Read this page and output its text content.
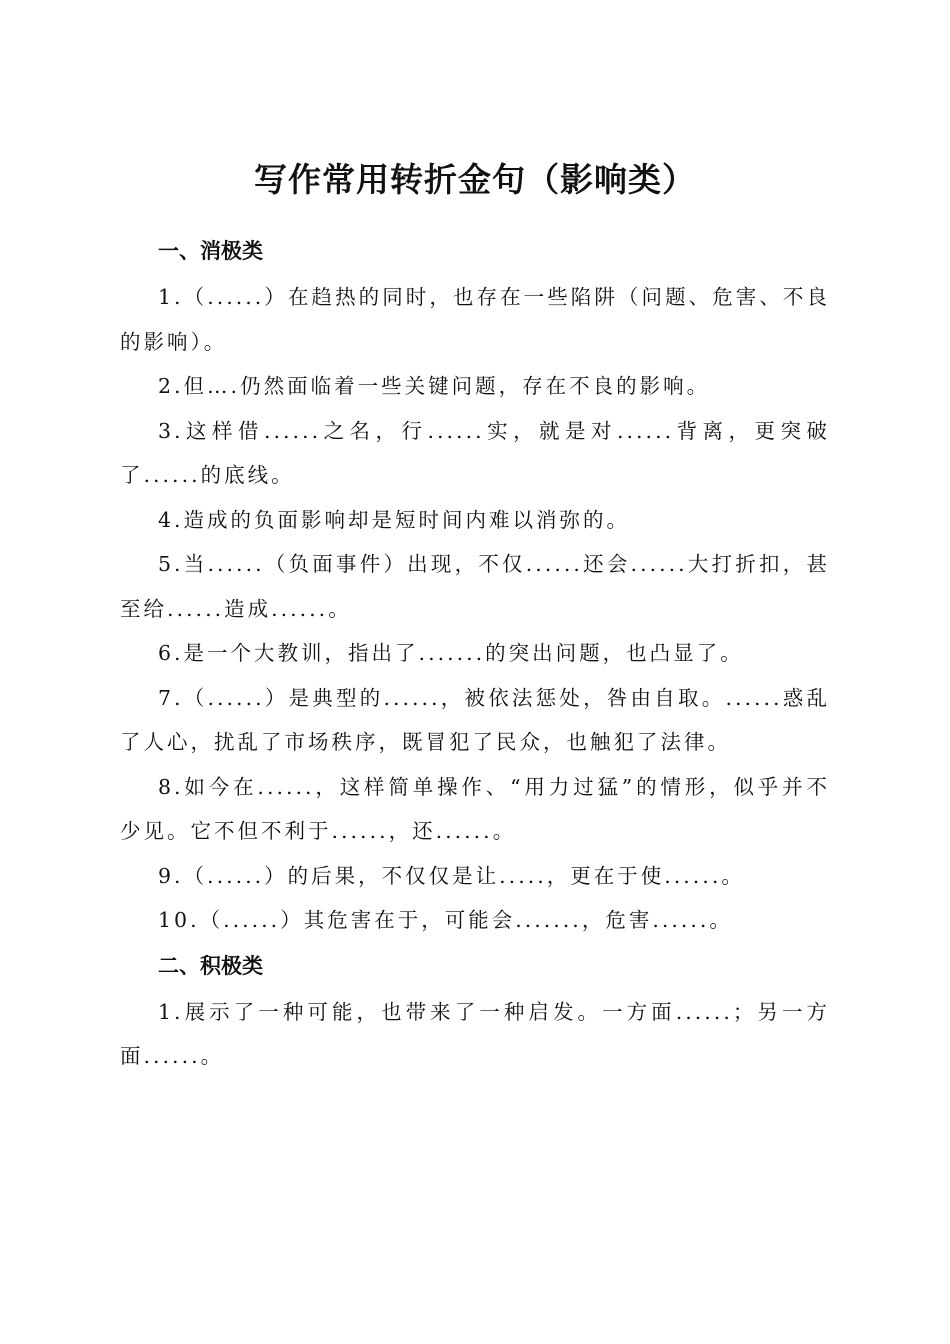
写作常用转折金句（影响类）
一、消极类

1.（......）在趋热的同时，也存在一些陷阱（问题、危害、不良的影响）。

2.但….仍然面临着一些关键问题，存在不良的影响。

3.这样借......之名，行......实，就是对......背离，更突破了......的底线。

4.造成的负面影响却是短时间内难以消弥的。

5.当......（负面事件）出现，不仅......还会......大打折扣，甚至给......造成......。

6.是一个大教训，指出了.......的突出问题，也凸显了。

7.（......）是典型的......，被依法惩处，咎由自取。......惑乱了人心，扰乱了市场秩序，既冒犯了民众，也触犯了法律。

8.如今在......，这样简单操作、“用力过猛”的情形，似乎并不少见。它不但不利于......，还......。

9.（......）的后果，不仅仅是让.....，更在于使......。

10.（......）其危害在于，可能会.......，危害......。

二、积极类

1.展示了一种可能，也带来了一种启发。一方面......；另一方面......。
